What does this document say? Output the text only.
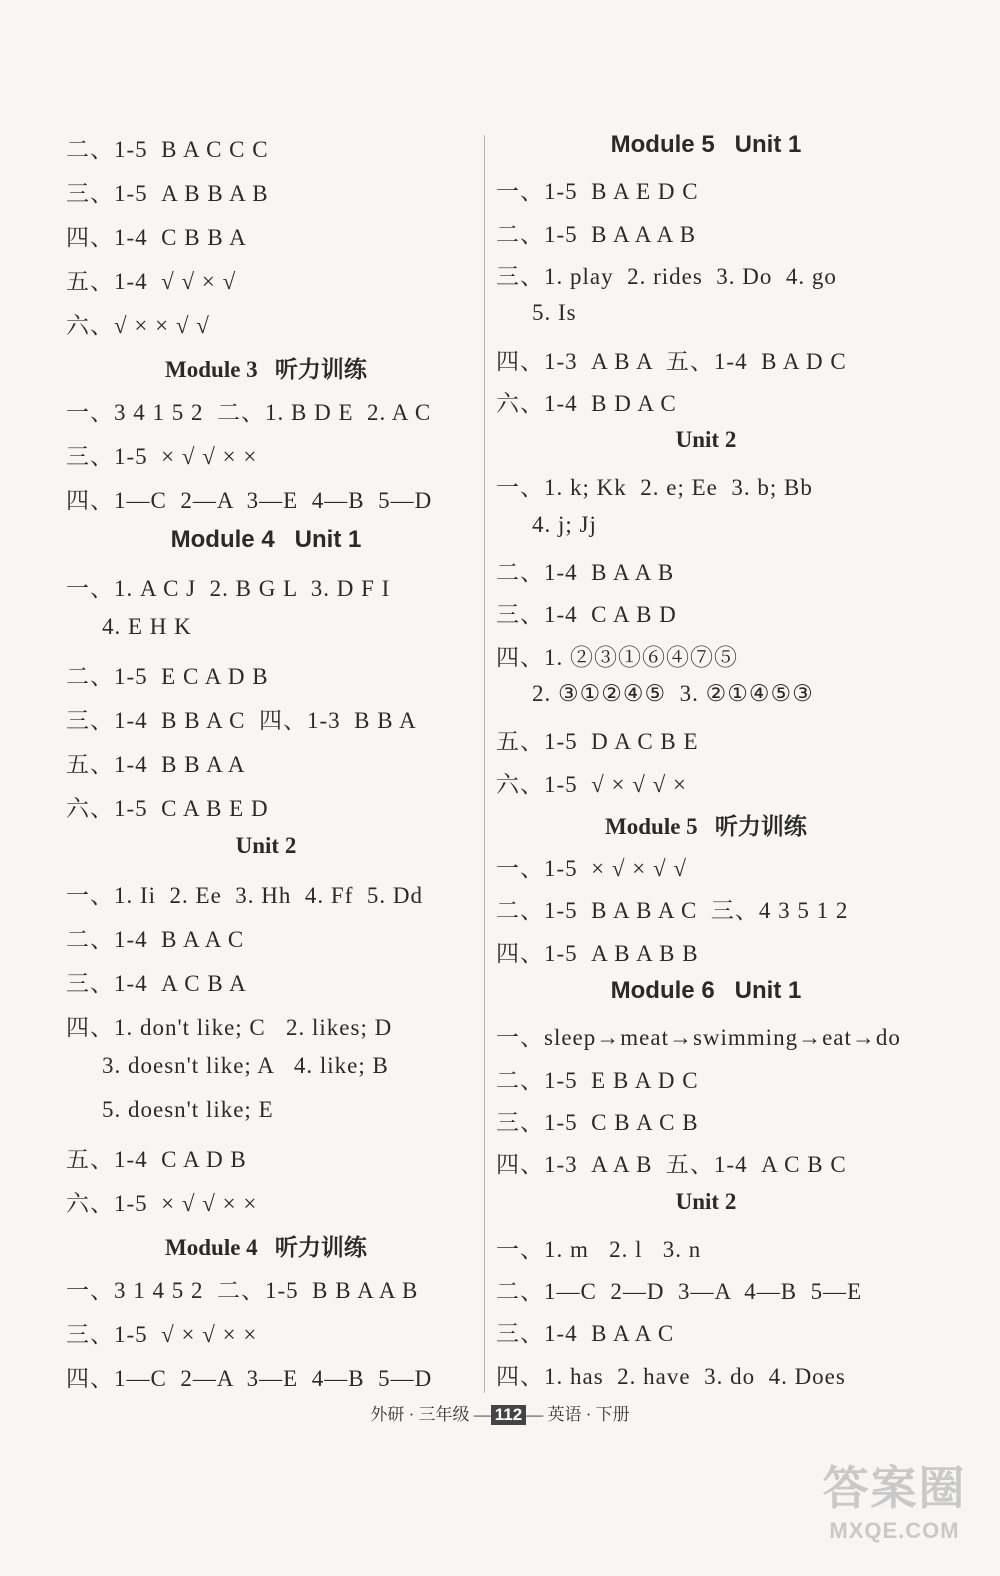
二、1-5  B A C C C
三、1-5  A B B A B
四、1-4  C B B A
五、1-4  √ √ × √
六、√ × × √ √
Module 3   听力训练
一、3 4 1 5 2  二、1. B D E  2. A C
三、1-5  × √ √ × ×
四、1—C  2—A  3—E  4—B  5—D
Module 4   Unit 1
一、1. A C J  2. B G L  3. D F I
4. E H K
二、1-5  E C A D B
三、1-4  B B A C  四、1-3  B B A
五、1-4  B B A A
六、1-5  C A B E D
Unit 2
一、1. Ii  2. Ee  3. Hh  4. Ff  5. Dd
二、1-4  B A A C
三、1-4  A C B A
四、1. don't like; C   2. likes; D
3. doesn't like; A   4. like; B
5. doesn't like; E
五、1-4  C A D B
六、1-5  × √ √ × ×
Module 4   听力训练
一、3 1 4 5 2  二、1-5  B B A A B
三、1-5  √ × √ × ×
四、1—C  2—A  3—E  4—B  5—D
Module 5   Unit 1
一、1-5  B A E D C
二、1-5  B A A A B
三、1. play  2. rides  3. Do  4. go
5. Is
四、1-3  A B A  五、1-4  B A D C
六、1-4  B D A C
Unit 2
一、1. k; Kk  2. e; Ee  3. b; Bb
4. j; Jj
二、1-4  B A A B
三、1-4  C A B D
四、1. ②③①⑥④⑦⑤
2. ③①②④⑤  3. ②①④⑤③
五、1-5  D A C B E
六、1-5  √ × √ √ ×
Module 5   听力训练
一、1-5  × √ × √ √
二、1-5  B A B A C  三、4 3 5 1 2
四、1-5  A B A B B
Module 6   Unit 1
一、sleep→meat→swimming→eat→do
二、1-5  E B A D C
三、1-5  C B A C B
四、1-3  A A B  五、1-4  A C B C
Unit 2
一、1. m   2. l   3. n
二、1—C  2—D  3—A  4—B  5—E
三、1-4  B A A C
四、1. has  2. have  3. do  4. Does
外研 · 三年级 — 112 — 英语 · 下册
答案圈
MXQE.COM
